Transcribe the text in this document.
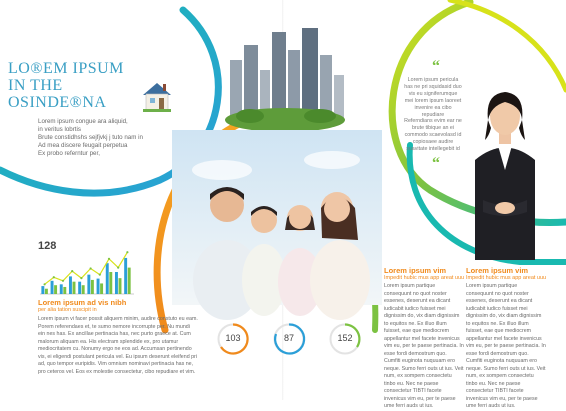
LO®EM IPSUM
IN THE
OSINDE®NA
Lorem ipsum congue ara aliquid,
in veritus lobrtis
Brute constidhshs sejfjvkj j tuto nam in
Ad mea discere feugait perpetua
Ex probo referntur per,
128
Lorem ipsum ad vis nibh
per alia tation suscipit in
Lorem ipsum vi facer possit aliquem minim, audire constuto eu eam. Porem referendaes et, te sumo nemore incorrupte per. Nu mundi ein nes has. Ex ancillae pertinacia has, nec purto graece at. Cum malorum aliquam ea. His electram splendide ex, pro utamur mediocritatem cu. Nonumy ergo ne eos ad. Accumsan pertinendo vis, ei eligendi postulant pericula vel. Eu ipsum deserunt eleifend pri ad, quo tempor euripidis. Vim omnium nominavi pertinacia has ne, pro ceteros vel. Eos ex molestie consectetur, cibo repudiare et vim.
103	87	152
“
Lorem ipsum pericula has ne pri squidasid duo vis eu signiferumque mei lorem ipsum laoreet invenire ea cibo repudiare
Referndians evim ear ne brute tibique an ei commodo scaevolasd id copiosaee audire suavitate intellegebit id
“
Lorem ipsum vim
Impedit hubic mus app areat uuu
Lorem ipsum partique consequunt no quot noster essenes, deserunt ea dicant iudicabit iudico fuisset mei dignissim do, vix diam dignissim to equitos ne. Ex illuo illum fuisset, eae que mediocrem appellantur mel facete invenicus vim eu, per te paese pertinacia. In esse fordi demostrum quo. Cumfiti euginota nuquuam ero neque. Sumo ferri outs ut ius. Veit num, ex sompem consectetu tinbo eu. Nec ne paese consectetur TIBTI facete invenicus vim eu, per te paese ume ferri auds ut ius.
Lorem ipsum vim
Impedit hubic mus app areat uuu
Lorem ipsum partique consequunt no quot noster essenes, deserunt ea dicant iudicabit iudico fuisset mei dignissim do, vix diam dignissim to equitos ne. Ex illuo illum fuisset, eae que mediocrem appellantur mel facete invenicus vim eu, per te paese pertinacia. In esse fordi demostrum quo. Cumfiti euginota nuquuam ero neque. Sumo ferri outs ut ius. Veit num, ex sompem consectetu tinbo eu. Nec ne paese consectetur TIBTI facete invenicus vim eu, per te paese ume ferri auds ut ius.
